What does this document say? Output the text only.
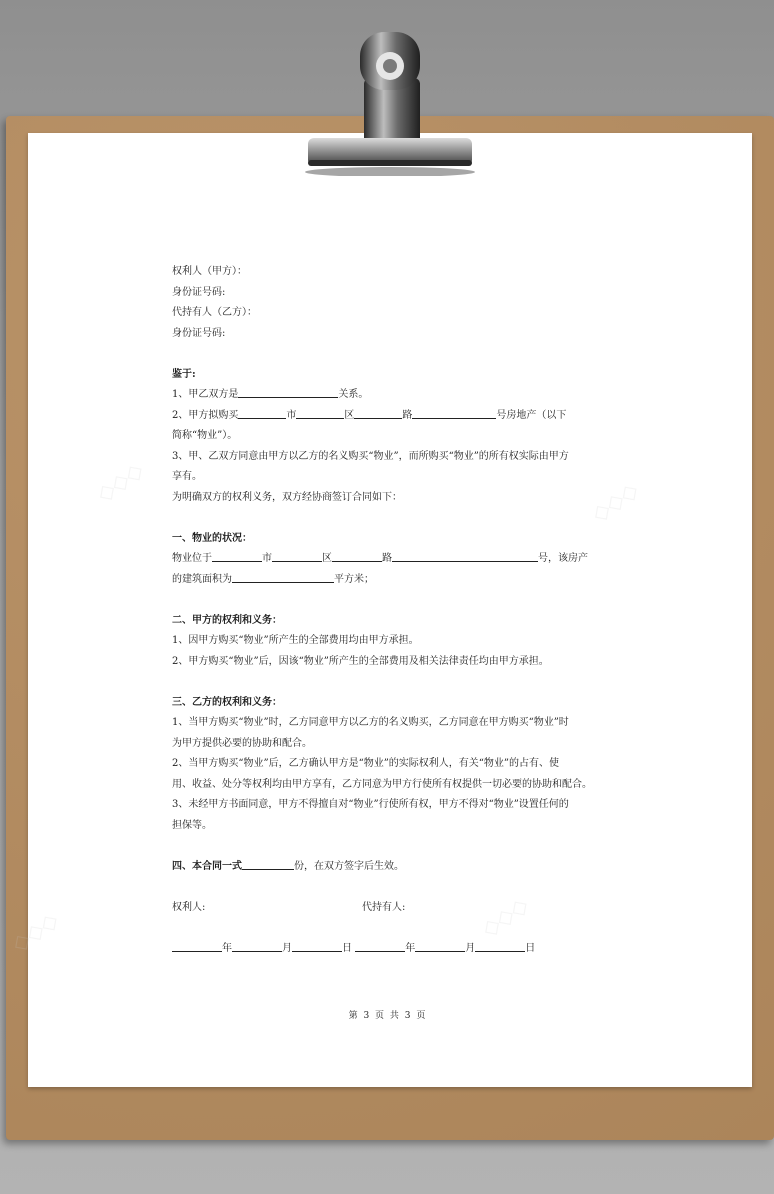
权利人（甲方）：

身份证号码:

代持有人（乙方）：

身份证号码:

鉴于:

1、甲乙双方是	关系。

2、甲方拟购买	市	区	路	号房地产（以下

简称“物业”）。

3、甲、乙双方同意由甲方以乙方的名义购买“物业”，而所购买“物业”的所有权实际由甲方

享有。

为明确双方的权利义务，双方经协商签订合同如下：

一、物业的状况：

物业位于	市	区	路	号，该房产

的建筑面积为	平方米；

二、甲方的权利和义务：

1、因甲方购买“物业”所产生的全部费用均由甲方承担。

2、甲方购买“物业”后，因该“物业”所产生的全部费用及相关法律责任均由甲方承担。

三、乙方的权利和义务：

1、当甲方购买“物业”时，乙方同意甲方以乙方的名义购买，乙方同意在甲方购买“物业”时

为甲方提供必要的协助和配合。

2、当甲方购买“物业”后，乙方确认甲方是“物业”的实际权利人，有关“物业”的占有、使

用、收益、处分等权利均由甲方享有，乙方同意为甲方行使所有权提供一切必要的协助和配合。

3、未经甲方书面同意，甲方不得擅自对“物业”行使所有权，甲方不得对“物业”设置任何的

担保等。

四、本合同一式	份，在双方签字后生效。

权利人:	代持有人:

年	月	日	年	月	日

第 3 页 共 3 页
